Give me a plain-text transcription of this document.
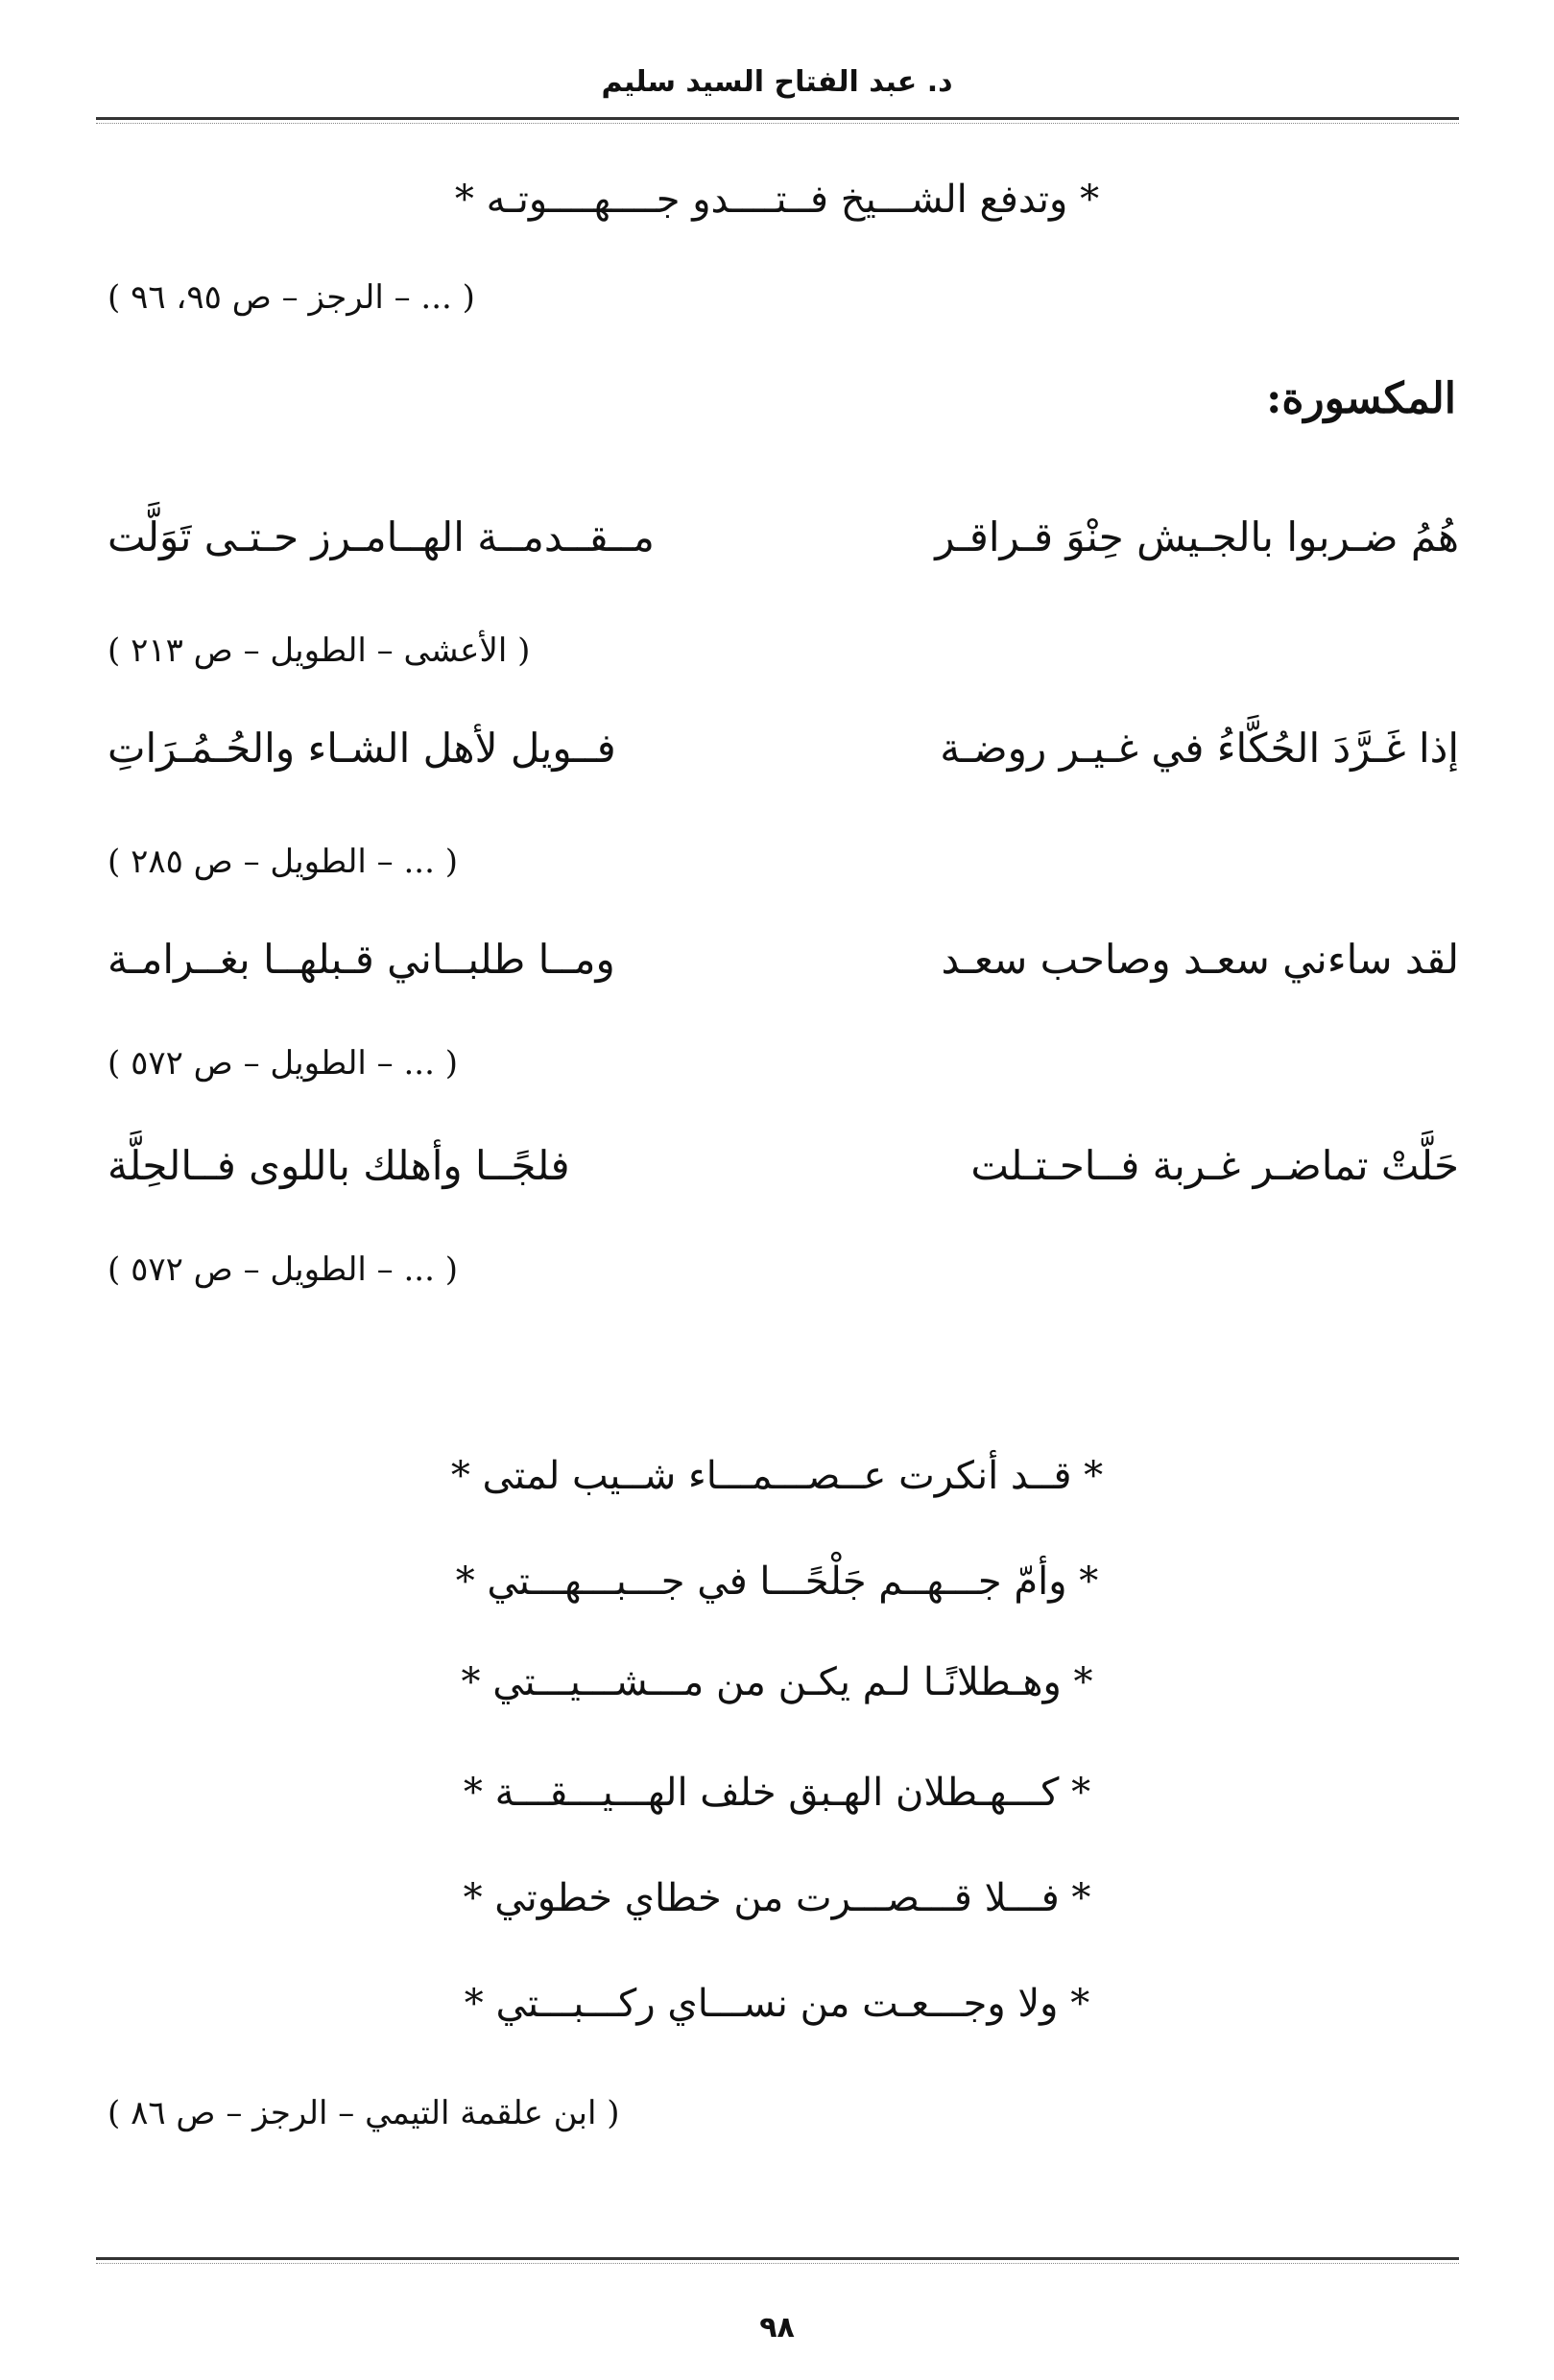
د. عبد الفتاح السيد سليم
* وتدفع الشـــيخ فــتــــدو جــــهــــوتـه *
( ... – الرجز – ص ٩٥، ٩٦ )
المكسورة:
هُمُ ضـربوا بالجـيش حِنْوَ قـراقـر
مــقــدمــة الهــامـرز حـتـى تَوَلَّت
( الأعشى – الطويل – ص ٢١٣ )
إذا غَـرَّدَ الحُكَّاءُ في غـيـر روضـة
فــويل لأهل الشـاء والحُـمُـرَاتِ
( ... – الطويل – ص ٢٨٥ )
لقد ساءني سعـد وصاحب سعـد
ومــا طلبــاني قـبلهــا بغــرامـة
( ... – الطويل – ص ٥٧٢ )
حَلَّتْ تماضـر غـربة فــاحـتـلت
فلجًــا وأهلك باللوى فــالحِلَّة
( ... – الطويل – ص ٥٧٢ )
* قــد أنكرت عــصـــمـــاء شــيب لمتى *
* وأمّ جـــهــم جَلْحًـــا في جـــبـــهـــتي *
* وهـطلانًـا لـم يكـن من مـــشـــيـــتي *
* كـــهـطلان الهـبق خلف الهـــيـــقـــة *
* فـــلا قـــصـــرت من خطاي خطوتي *
* ولا وجـــعـت من نســـاي ركـــبـــتي *
( ابن علقمة التيمي – الرجز – ص ٨٦ )
٩٨
